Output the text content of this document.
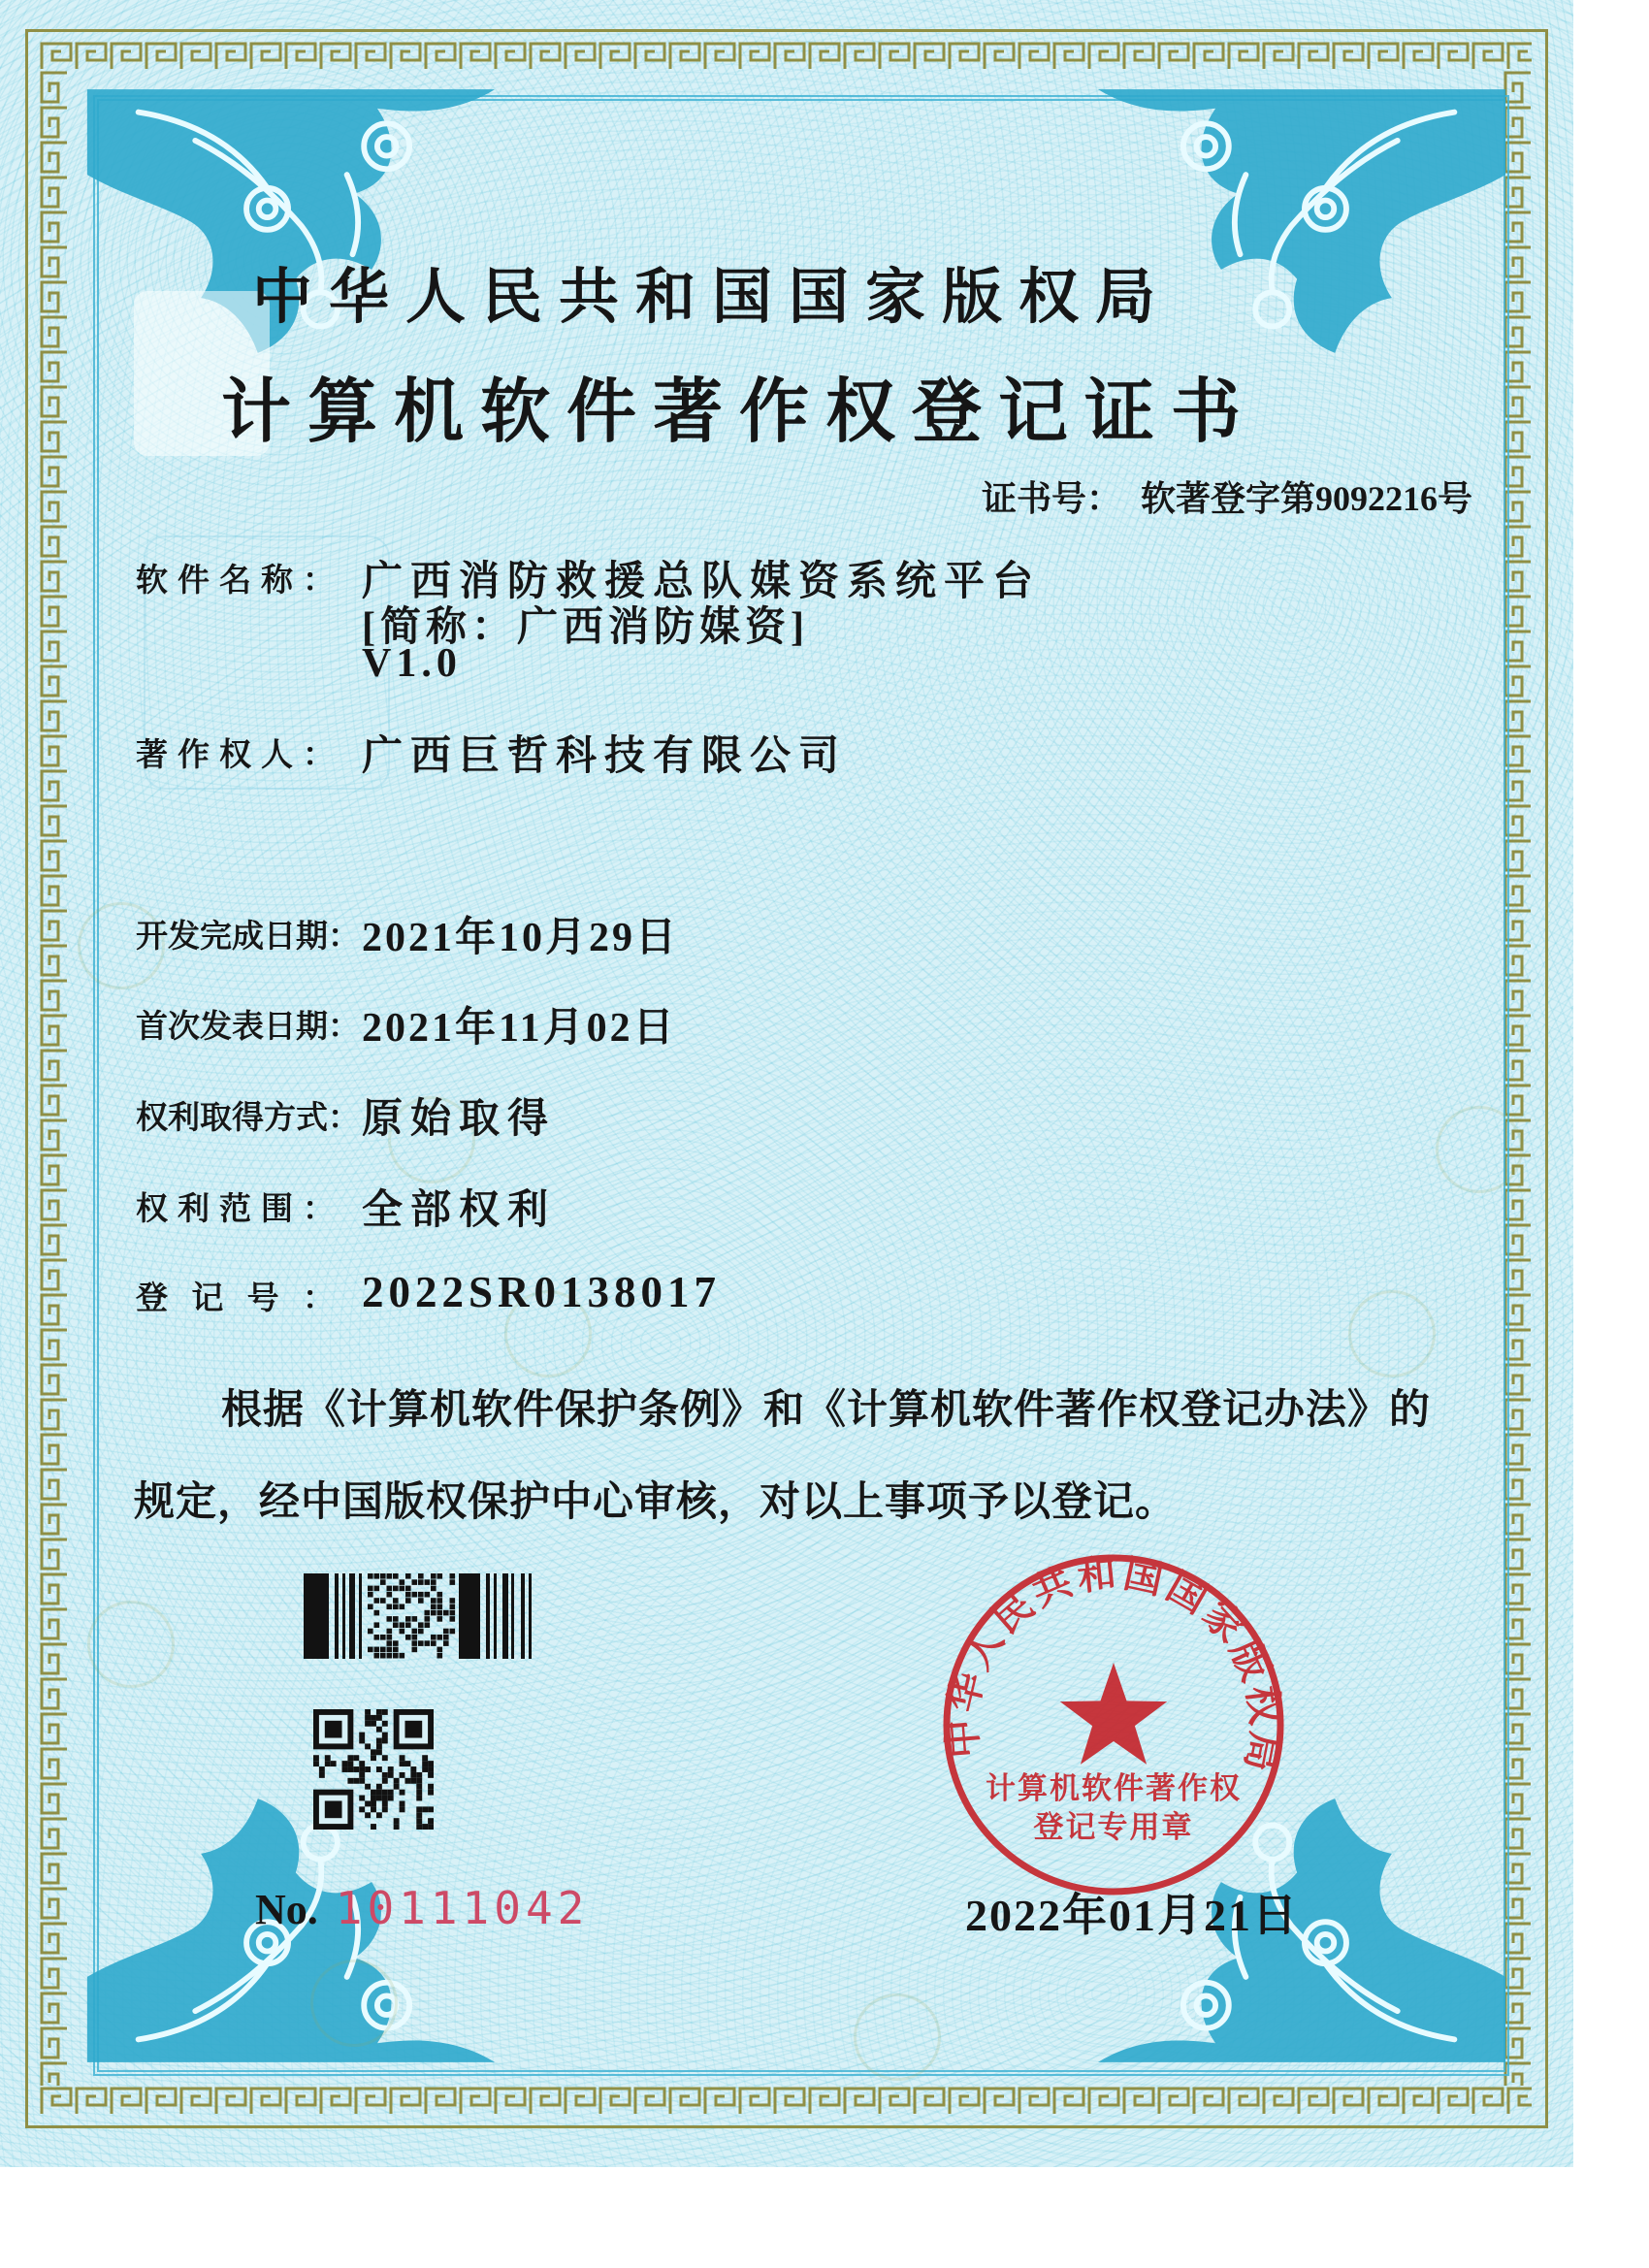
中华人民共和国国家版权局
计算机软件著作权登记证书
证书号： 软著登字第9092216号
软 件 名 称 ： 广西消防救援总队媒资系统平台
[简称：广西消防媒资]
V1.0
著 作 权 人 ： 广西巨哲科技有限公司
开 发 完 成 日 期 ： 2021年10月29日
首 次 发 表 日 期 ： 2021年11月02日
权 利 取 得 方 式 ： 原始取得
权 利 范 围 ： 全部权利
登 记 号 ： 2022SR0138017
根据《计算机软件保护条例》和《计算机软件著作权登记办法》的
规定，经中国版权保护中心审核，对以上事项予以登记。
No. 10111042
中华人民共和国国家版权局
计算机软件著作权
登记专用章
2022年01月21日
